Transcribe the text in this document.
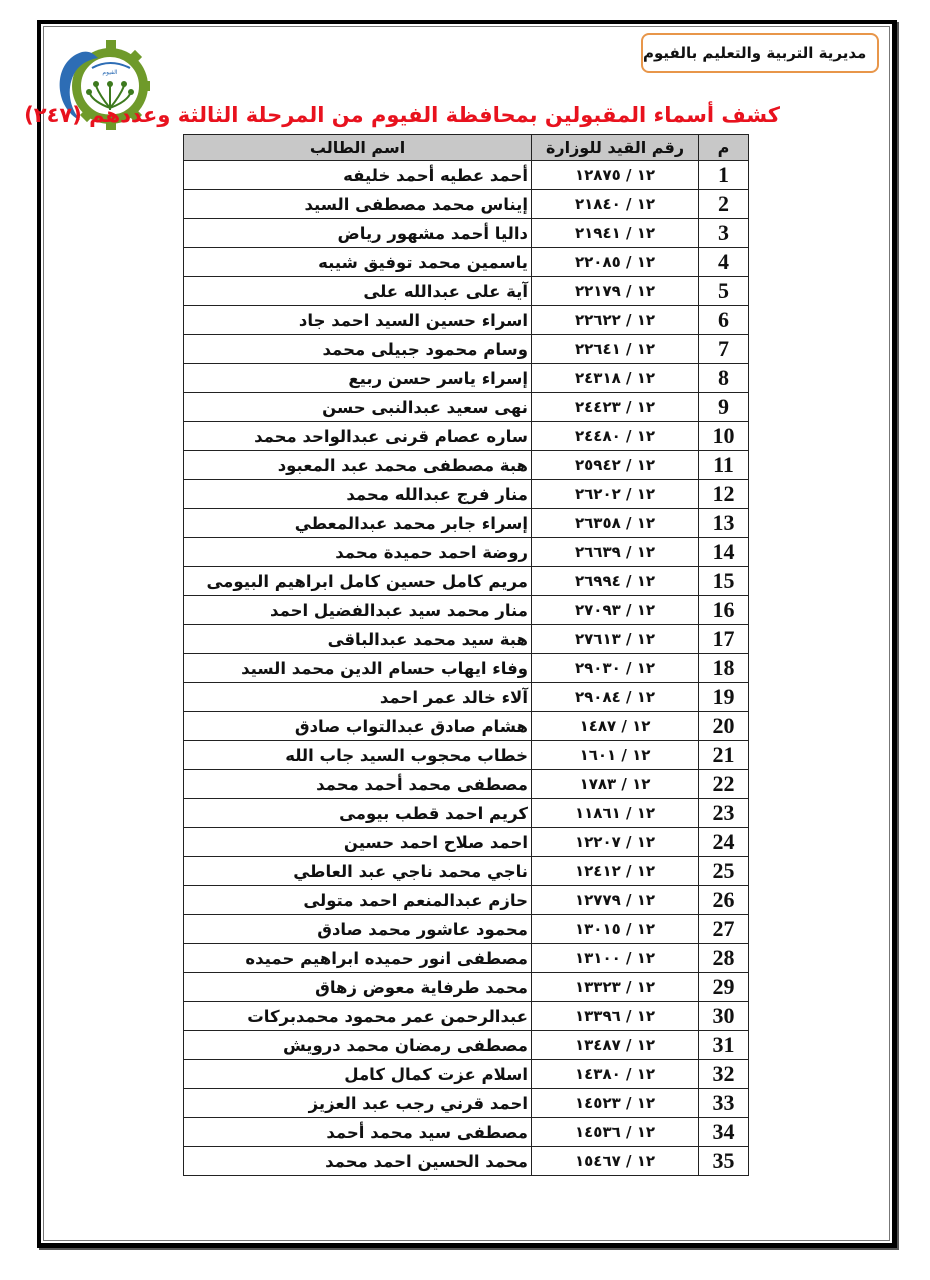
الفيوم
مديرية التربية والتعليم بالفيوم
كشف أسماء المقبولين بمحافظة الفيوم من المرحلة الثالثة وعددهم (٢٤٧)
م	رقم القيد للوزارة	اسم الطالب
1	١٢ / ١٢٨٧٥	أحمد عطيه أحمد خليفه
2	١٢ / ٢١٨٤٠	إيناس محمد مصطفى السيد
3	١٢ / ٢١٩٤١	داليا أحمد مشهور رياض
4	١٢ / ٢٢٠٨٥	ياسمين محمد توفيق شيبه
5	١٢ / ٢٢١٧٩	آية على عبدالله على
6	١٢ / ٢٢٦٢٢	اسراء حسين السيد احمد جاد
7	١٢ / ٢٢٦٤١	وسام محمود جبيلى محمد
8	١٢ / ٢٤٣١٨	إسراء ياسر حسن ربيع
9	١٢ / ٢٤٤٢٣	نهى سعيد عبدالنبى حسن
10	١٢ / ٢٤٤٨٠	ساره عصام قرنى عبدالواحد محمد
11	١٢ / ٢٥٩٤٢	هبة مصطفى محمد عبد المعبود
12	١٢ / ٢٦٢٠٢	منار فرج عبدالله محمد
13	١٢ / ٢٦٣٥٨	إسراء جابر محمد عبدالمعطي
14	١٢ / ٢٦٦٣٩	روضة احمد حميدة محمد
15	١٢ / ٢٦٩٩٤	مريم كامل حسين كامل ابراهيم البيومى
16	١٢ / ٢٧٠٩٣	منار محمد سيد عبدالفضيل احمد
17	١٢ / ٢٧٦١٣	هبة سيد محمد عبدالباقى
18	١٢ / ٢٩٠٣٠	وفاء ايهاب حسام الدين محمد السيد
19	١٢ / ٢٩٠٨٤	آلاء خالد عمر احمد
20	١٢ / ١٤٨٧	هشام صادق عبدالتواب صادق
21	١٢ / ١٦٠١	خطاب محجوب السيد جاب الله
22	١٢ / ١٧٨٣	مصطفى محمد أحمد محمد
23	١٢ / ١١٨٦١	كريم احمد قطب بيومى
24	١٢ / ١٢٢٠٧	احمد صلاح احمد حسين
25	١٢ / ١٢٤١٢	ناجي محمد ناجي عبد العاطي
26	١٢ / ١٢٧٧٩	حازم عبدالمنعم احمد متولى
27	١٢ / ١٣٠١٥	محمود عاشور محمد صادق
28	١٢ / ١٣١٠٠	مصطفى انور حميده ابراهيم حميده
29	١٢ / ١٣٣٢٣	محمد طرفاية معوض زهاق
30	١٢ / ١٣٣٩٦	عبدالرحمن عمر محمود محمدبركات
31	١٢ / ١٣٤٨٧	مصطفى رمضان محمد درويش
32	١٢ / ١٤٣٨٠	اسلام عزت كمال كامل
33	١٢ / ١٤٥٢٣	احمد قرني رجب عبد العزيز
34	١٢ / ١٤٥٣٦	مصطفى سيد محمد أحمد
35	١٢ / ١٥٤٦٧	محمد الحسين احمد محمد
